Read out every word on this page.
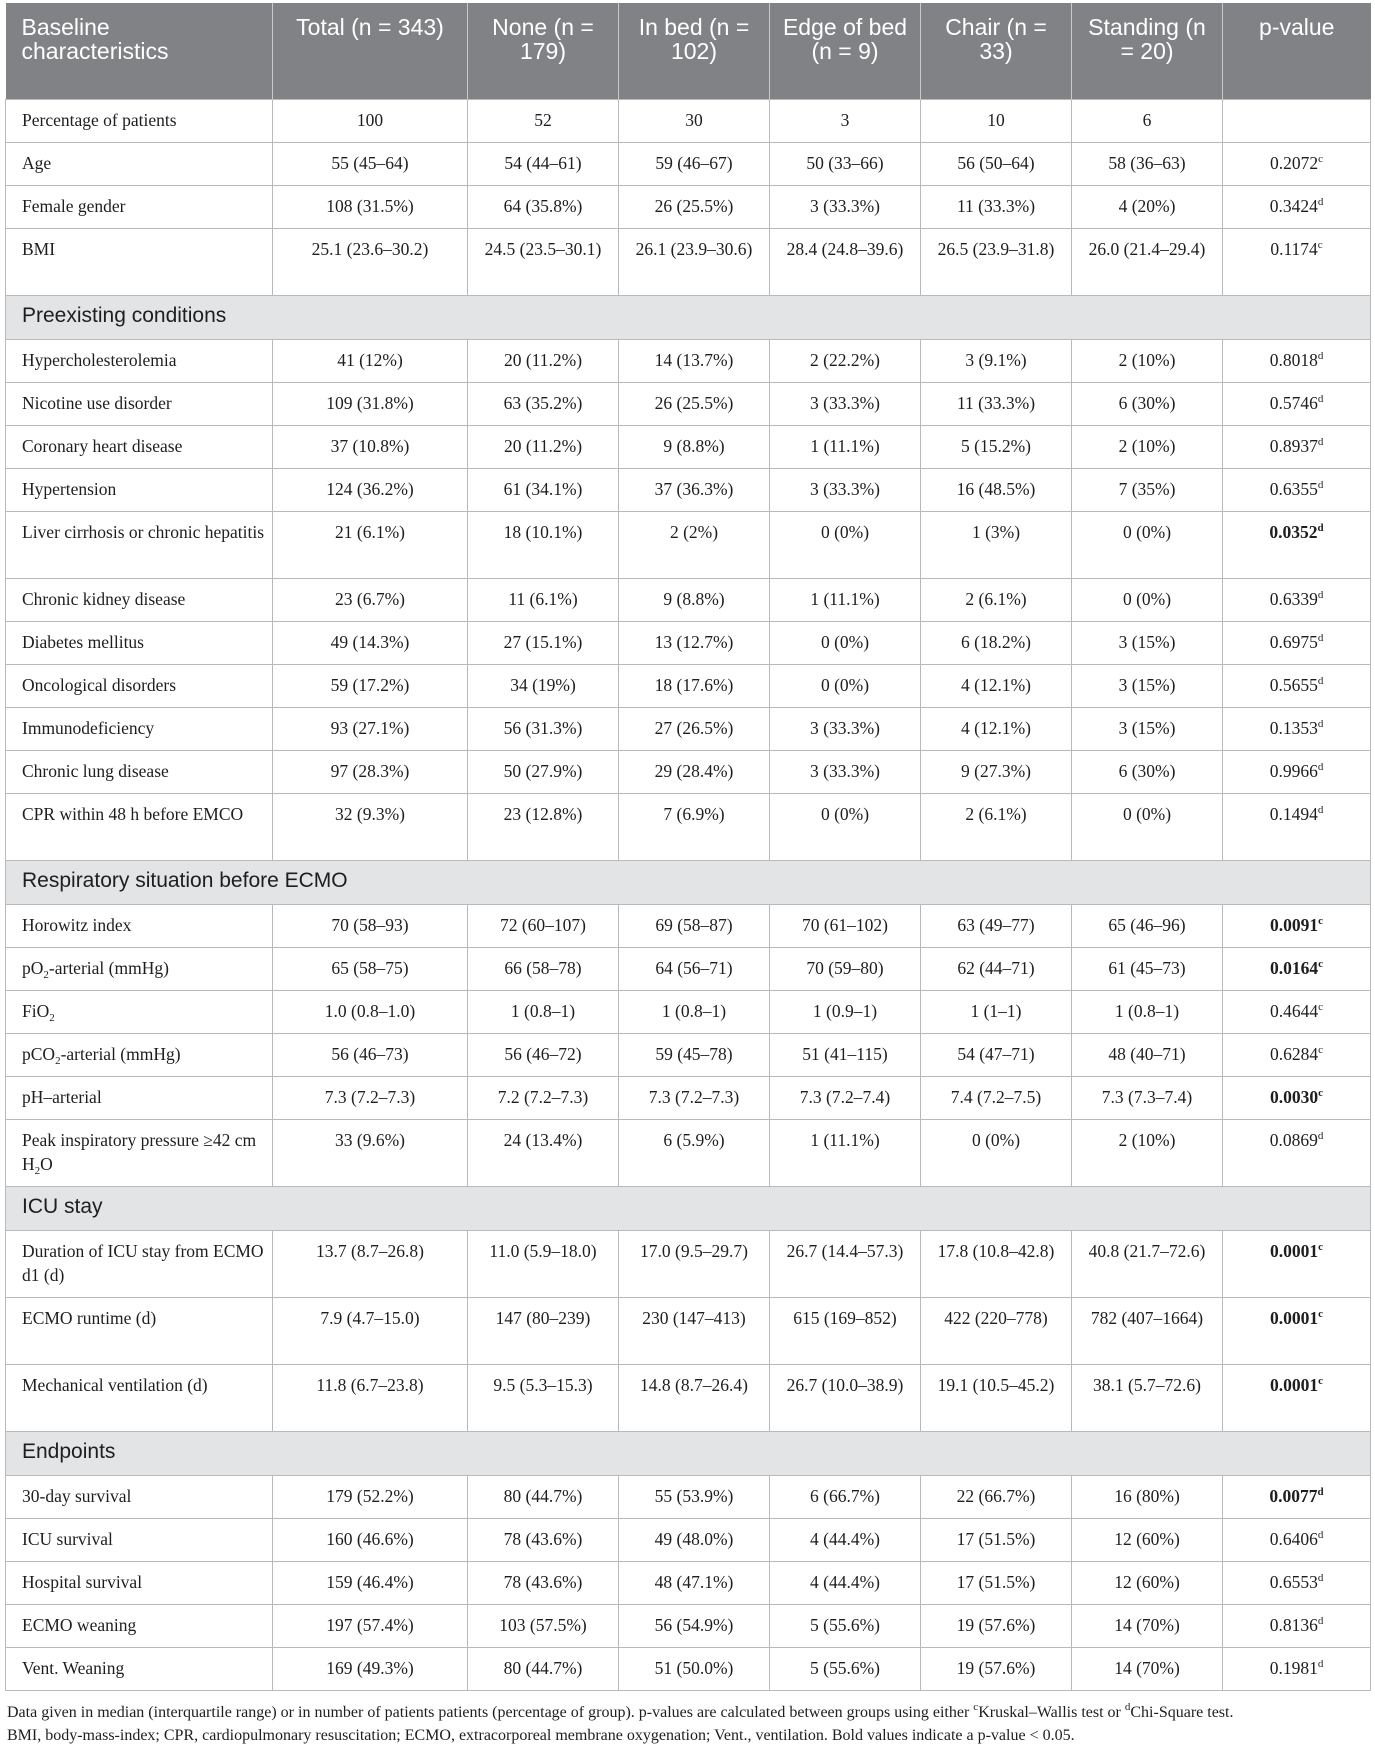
Baseline characteristics	Total (n = 343)	None (n = 179)	In bed (n = 102)	Edge of bed (n = 9)	Chair (n = 33)	Standing (n = 20)	p-value
Percentage of patients	100	52	30	3	10	6	
Age	55 (45–64)	54 (44–61)	59 (46–67)	50 (33–66)	56 (50–64)	58 (36–63)	0.2072$^c$
Female gender	108 (31.5%)	64 (35.8%)	26 (25.5%)	3 (33.3%)	11 (33.3%)	4 (20%)	0.3424$^d$
BMI	25.1 (23.6–30.2)	24.5 (23.5–30.1)	26.1 (23.9–30.6)	28.4 (24.8–39.6)	26.5 (23.9–31.8)	26.0 (21.4–29.4)	0.1174$^c$
Preexisting conditions							
Hypercholesterolemia	41 (12%)	20 (11.2%)	14 (13.7%)	2 (22.2%)	3 (9.1%)	2 (10%)	0.8018$^d$
Nicotine use disorder	109 (31.8%)	63 (35.2%)	26 (25.5%)	3 (33.3%)	11 (33.3%)	6 (30%)	0.5746$^d$
Coronary heart disease	37 (10.8%)	20 (11.2%)	9 (8.8%)	1 (11.1%)	5 (15.2%)	2 (10%)	0.8937$^d$
Hypertension	124 (36.2%)	61 (34.1%)	37 (36.3%)	3 (33.3%)	16 (48.5%)	7 (35%)	0.6355$^d$
Liver cirrhosis or chronic hepatitis	21 (6.1%)	18 (10.1%)	2 (2%)	0 (0%)	1 (3%)	0 (0%)	0.0352$^d$
Chronic kidney disease	23 (6.7%)	11 (6.1%)	9 (8.8%)	1 (11.1%)	2 (6.1%)	0 (0%)	0.6339$^d$
Diabetes mellitus	49 (14.3%)	27 (15.1%)	13 (12.7%)	0 (0%)	6 (18.2%)	3 (15%)	0.6975$^d$
Oncological disorders	59 (17.2%)	34 (19%)	18 (17.6%)	0 (0%)	4 (12.1%)	3 (15%)	0.5655$^d$
Immunodeficiency	93 (27.1%)	56 (31.3%)	27 (26.5%)	3 (33.3%)	4 (12.1%)	3 (15%)	0.1353$^d$
Chronic lung disease	97 (28.3%)	50 (27.9%)	29 (28.4%)	3 (33.3%)	9 (27.3%)	6 (30%)	0.9966$^d$
CPR within 48 h before EMCO	32 (9.3%)	23 (12.8%)	7 (6.9%)	0 (0%)	2 (6.1%)	0 (0%)	0.1494$^d$
Respiratory situation before ECMO							
Horowitz index	70 (58–93)	72 (60–107)	69 (58–87)	70 (61–102)	63 (49–77)	65 (46–96)	0.0091$^c$
$pO_2$-arterial (mmHg)	65 (58–75)	66 (58–78)	64 (56–71)	70 (59–80)	62 (44–71)	61 (45–73)	0.0164$^c$
FiO$_2$	1.0 (0.8–1.0)	1 (0.8–1)	1 (0.8–1)	1 (0.9–1)	1 (1–1)	1 (0.8–1)	0.4644$^c$
pCO$_2$-arterial (mmHg)	56 (46–73)	56 (46–72)	59 (45–78)	51 (41–115)	54 (47–71)	48 (40–71)	0.6284$^c$
pH–arterial	7.3 (7.2–7.3)	7.2 (7.2–7.3)	7.3 (7.2–7.3)	7.3 (7.2–7.4)	7.4 (7.2–7.5)	7.3 (7.3–7.4)	0.0030$^c$
Peak inspiratory pressure ≥42 cm $H_2O$	33 (9.6%)	24 (13.4%)	6 (5.9%)	1 (11.1%)	0 (0%)	2 (10%)	0.0869$^d$
ICU stay							
Duration of ICU stay from ECMO d1 (d)	13.7 (8.7–26.8)	11.0 (5.9–18.0)	17.0 (9.5–29.7)	26.7 (14.4–57.3)	17.8 (10.8–42.8)	40.8 (21.7–72.6)	0.0001$^c$
ECMO runtime (d)	7.9 (4.7–15.0)	147 (80–239)	230 (147–413)	615 (169–852)	422 (220–778)	782 (407–1664)	0.0001$^c$
Mechanical ventilation (d)	11.8 (6.7–23.8)	9.5 (5.3–15.3)	14.8 (8.7–26.4)	26.7 (10.0–38.9)	19.1 (10.5–45.2)	38.1 (5.7–72.6)	0.0001$^c$
Endpoints							
30-day survival	179 (52.2%)	80 (44.7%)	55 (53.9%)	6 (66.7%)	22 (66.7%)	16 (80%)	0.0077$^d$
ICU survival	160 (46.6%)	78 (43.6%)	49 (48.0%)	4 (44.4%)	17 (51.5%)	12 (60%)	0.6406$^d$
Hospital survival	159 (46.4%)	78 (43.6%)	48 (47.1%)	4 (44.4%)	17 (51.5%)	12 (60%)	0.6553$^d$
ECMO weaning	197 (57.4%)	103 (57.5%)	56 (54.9%)	5 (55.6%)	19 (57.6%)	14 (70%)	0.8136$^d$
Vent. Weaning	169 (49.3%)	80 (44.7%)	51 (50.0%)	5 (55.6%)	19 (57.6%)	14 (70%)	0.1981$^d$
Data given in median (interquartile range) or in number of patients patients (percentage of group). p-values are calculated between groups using either $^c$Kruskal–Wallis test or $^d$Chi-Square test.
BMI, body-mass-index; CPR, cardiopulmonary resuscitation; ECMO, extracorporeal membrane oxygenation; Vent., ventilation. Bold values indicate a p-value < 0.05.
